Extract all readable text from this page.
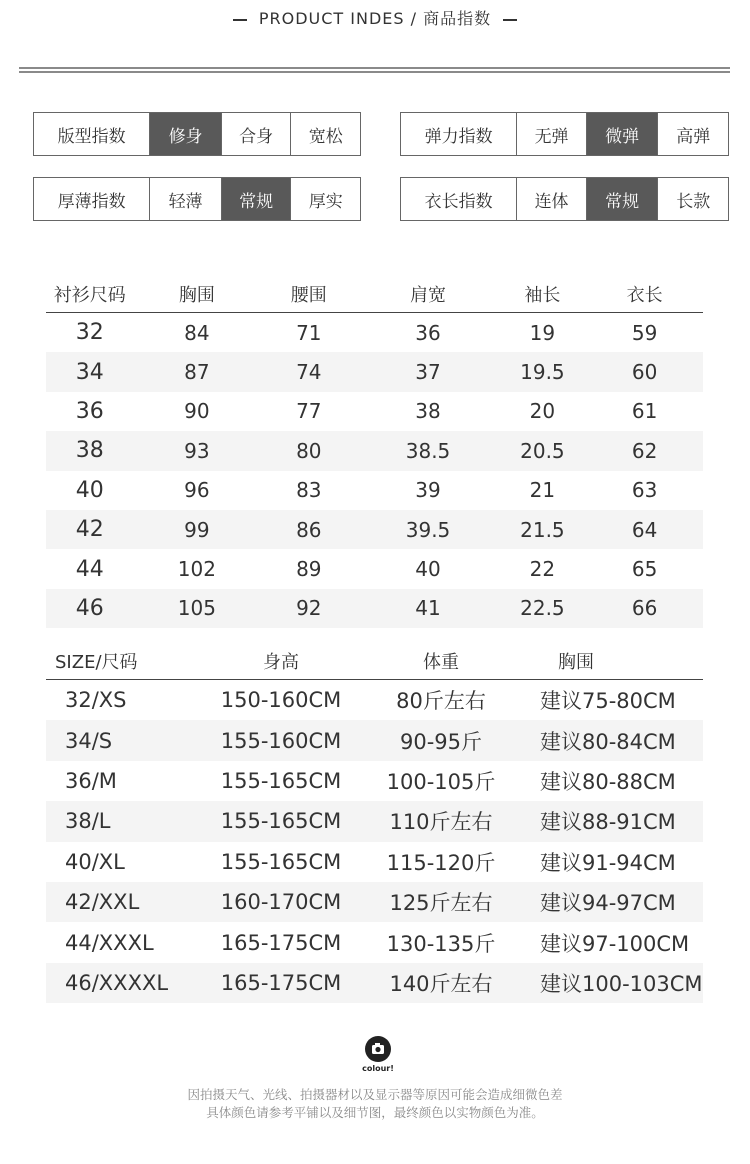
PRODUCT INDES / 商品指数
版型指数	修身	合身	宽松	弹力指数	无弹	微弹	高弹
厚薄指数	轻薄	常规	厚实	衣长指数	连体	常规	长款
衬衫尺码	胸围	腰围	肩宽	袖长	衣长
32	84	71	36	19	59
34	87	74	37	19.5	60
36	90	77	38	20	61
38	93	80	38.5	20.5	62
40	96	83	39	21	63
42	99	86	39.5	21.5	64
44	102	89	40	22	65
46	105	92	41	22.5	66
SIZE/尺码	身高	体重	胸围
32/XS	150-160CM	80斤左右	建议75-80CM
34/S	155-160CM	90-95斤	建议80-84CM
36/M	155-165CM	100-105斤	建议80-88CM
38/L	155-165CM	110斤左右	建议88-91CM
40/XL	155-165CM	115-120斤	建议91-94CM
42/XXL	160-170CM	125斤左右	建议94-97CM
44/XXXL	165-175CM	130-135斤	建议97-100CM
46/XXXXL	165-175CM	140斤左右	建议100-103CM
colour!
因拍摄天气、光线、拍摄器材以及显示器等原因可能会造成细微色差
具体颜色请参考平铺以及细节图，最终颜色以实物颜色为准。
